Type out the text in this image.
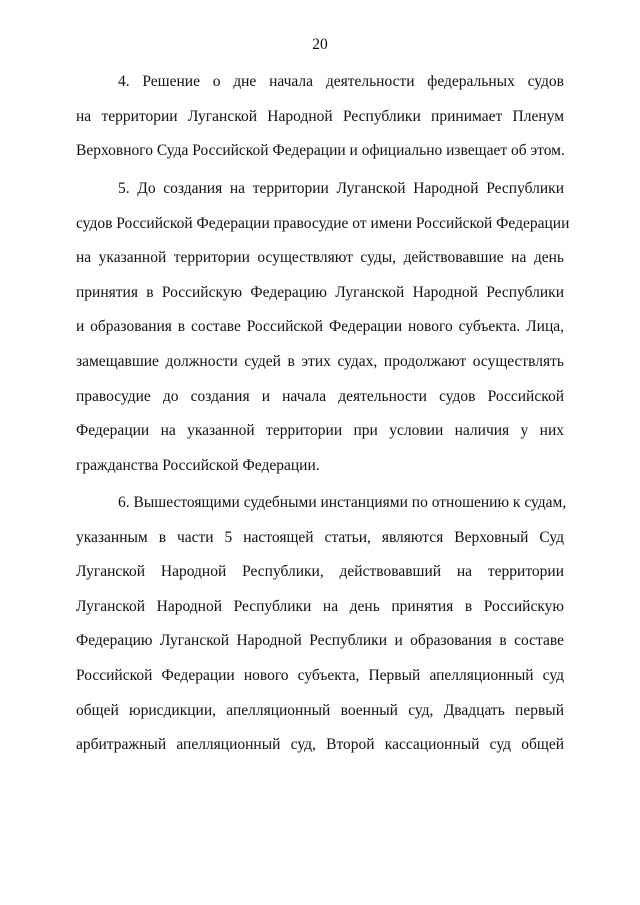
20
4. Решение о дне начала деятельности федеральных судов
на территории Луганской Народной Республики принимает Пленум
Верховного Суда Российской Федерации и официально извещает об этом.
5. До создания на территории Луганской Народной Республики
судов Российской Федерации правосудие от имени Российской Федерации
на указанной территории осуществляют суды, действовавшие на день
принятия в Российскую Федерацию Луганской Народной Республики
и образования в составе Российской Федерации нового субъекта. Лица,
замещавшие должности судей в этих судах, продолжают осуществлять
правосудие до создания и начала деятельности судов Российской
Федерации на указанной территории при условии наличия у них
гражданства Российской Федерации.
6. Вышестоящими судебными инстанциями по отношению к судам,
указанным в части 5 настоящей статьи, являются Верховный Суд
Луганской Народной Республики, действовавший на территории
Луганской Народной Республики на день принятия в Российскую
Федерацию Луганской Народной Республики и образования в составе
Российской Федерации нового субъекта, Первый апелляционный суд
общей юрисдикции, апелляционный военный суд, Двадцать первый
арбитражный апелляционный суд, Второй кассационный суд общей
